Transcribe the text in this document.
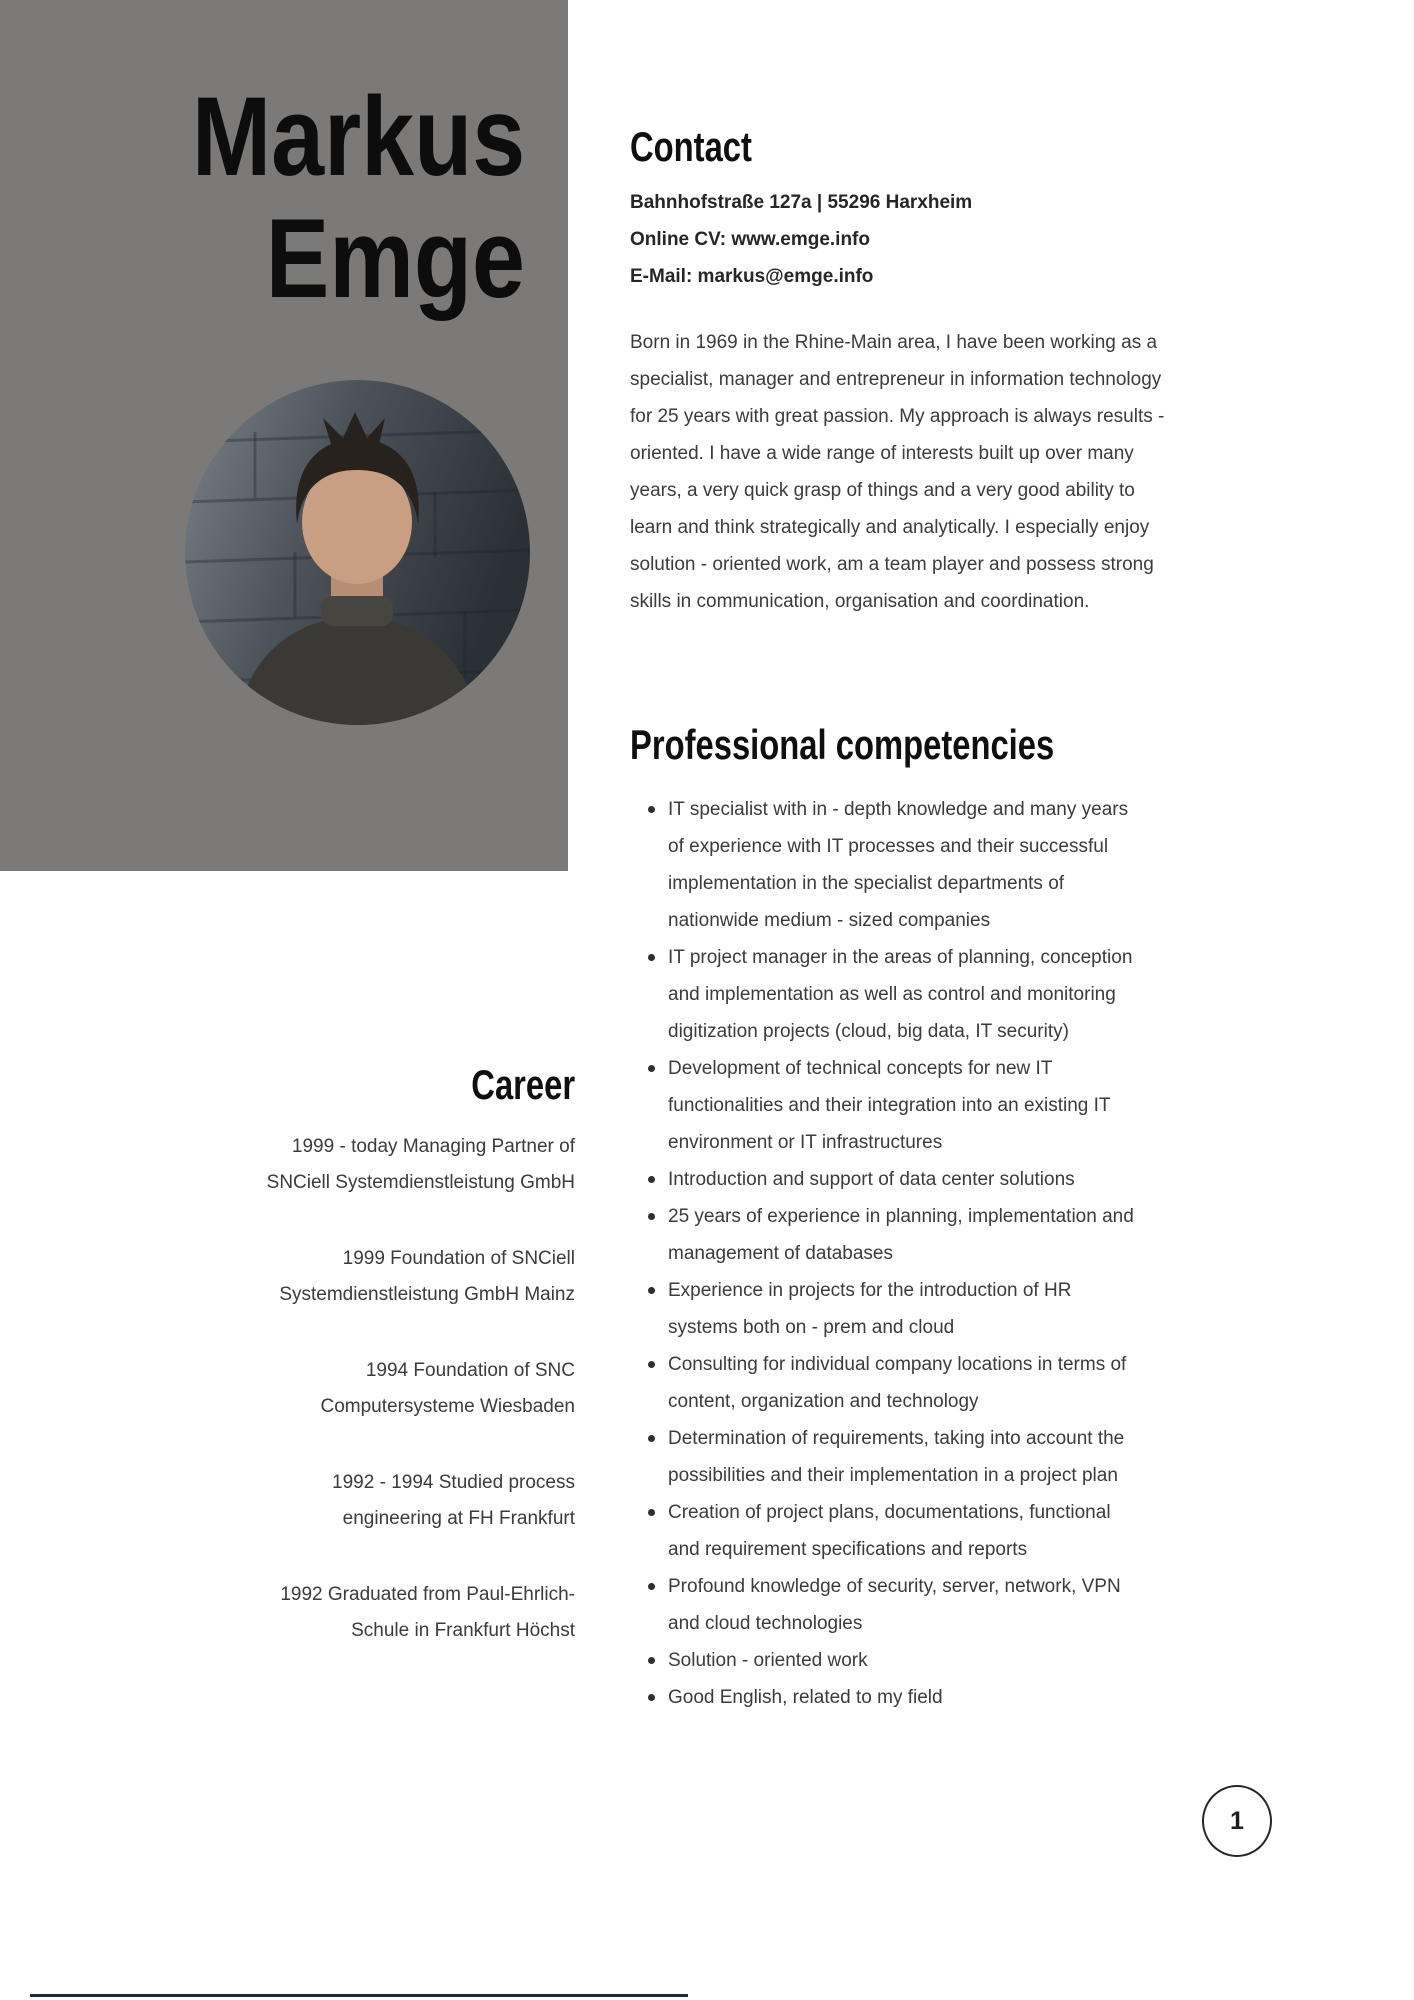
Markus
Emge
Contact
Bahnhofstraße 127a | 55296 Harxheim
Online CV: www.emge.info
E-Mail: markus@emge.info

Born in 1969 in the Rhine-Main area, I have been working as a specialist, manager and entrepreneur in information technology for 25 years with great passion. My approach is always results - oriented. I have a wide range of interests built up over many years, a very quick grasp of things and a very good ability to learn and think strategically and analytically. I especially enjoy solution - oriented work, am a team player and possess strong skills in communication, organisation and coordination.

Professional competencies
IT specialist with in - depth knowledge and many years of experience with IT processes and their successful implementation in the specialist departments of nationwide medium - sized companies
IT project manager in the areas of planning, conception and implementation as well as control and monitoring digitization projects (cloud, big data, IT security)
Development of technical concepts for new IT functionalities and their integration into an existing IT environment or IT infrastructures
Introduction and support of data center solutions
25 years of experience in planning, implementation and management of databases
Experience in projects for the introduction of HR systems both on - prem and cloud
Consulting for individual company locations in terms of content, organization and technology
Determination of requirements, taking into account the possibilities and their implementation in a project plan
Creation of project plans, documentations, functional and requirement specifications and reports
Profound knowledge of security, server, network, VPN and cloud technologies
Solution - oriented work
Good English, related to my field
Career
1999 - today Managing Partner of SNCiell Systemdienstleistung GmbH
1999 Foundation of SNCiell Systemdienstleistung GmbH Mainz
1994 Foundation of SNC Computersysteme Wiesbaden
1992 - 1994 Studied process engineering at FH Frankfurt
1992 Graduated from Paul-Ehrlich-Schule in Frankfurt Höchst
1
